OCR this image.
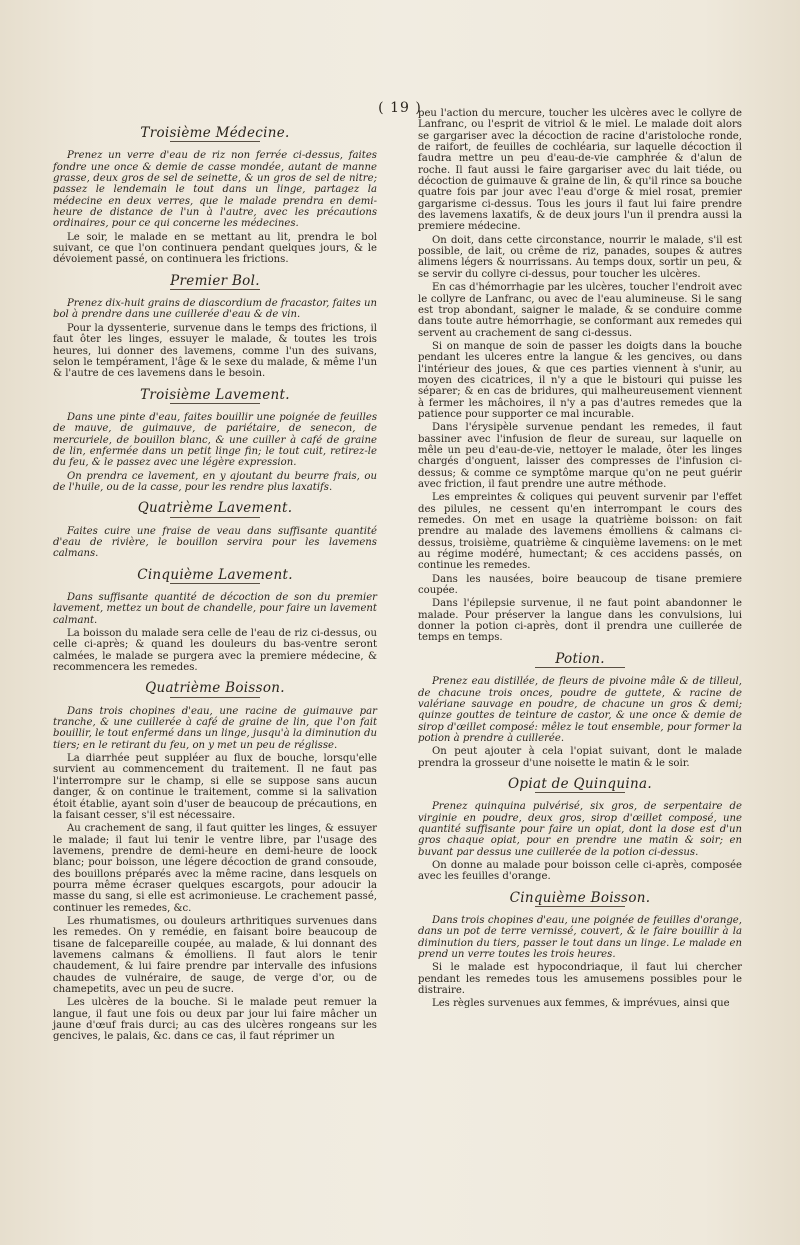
( 19 )
Troisième Médecine.

Prenez un verre d'eau de riz non ferrée ci-dessus, faites fondre une once & demie de casse mondée, autant de manne grasse, deux gros de sel de seinette, & un gros de sel de nitre; passez le lendemain le tout dans un linge, partagez la médecine en deux verres, que le malade prendra en demi-heure de distance de l'un à l'autre, avec les précautions ordinaires, pour ce qui concerne les médecines.

Le soir, le malade en se mettant au lit, prendra le bol suivant, ce que l'on continuera pendant quelques jours, & le dévoiement passé, on continuera les frictions.

Premier Bol.

Prenez dix-huit grains de diascordium de fracastor, faites un bol à prendre dans une cuillerée d'eau & de vin.

Pour la dyssenterie, survenue dans le temps des frictions, il faut ôter les linges, essuyer le malade, & toutes les trois heures, lui donner des lavemens, comme l'un des suivans, selon le tempérament, l'âge & le sexe du malade, & même l'un & l'autre de ces lavemens dans le besoin.

Troisième Lavement.

Dans une pinte d'eau, faites bouillir une poignée de feuilles de mauve, de guimauve, de pariétaire, de senecon, de mercuriele, de bouillon blanc, & une cuiller à café de graine de lin, enfermée dans un petit linge fin; le tout cuit, retirez-le du feu, & le passez avec une légère expression.

On prendra ce lavement, en y ajoutant du beurre frais, ou de l'huile, ou de la casse, pour les rendre plus laxatifs.

Quatrième Lavement.

Faites cuire une fraise de veau dans suffisante quantité d'eau de rivière, le bouillon servira pour les lavemens calmans.

Cinquième Lavement.

Dans suffisante quantité de décoction de son du premier lavement, mettez un bout de chandelle, pour faire un lavement calmant.

La boisson du malade sera celle de l'eau de riz ci-dessus, ou celle ci-après; & quand les douleurs du bas-ventre seront calmées, le malade se purgera avec la premiere médecine, & recommencera les remedes.

Quatrième Boisson.

Dans trois chopines d'eau, une racine de guimauve par tranche, & une cuillerée à café de graine de lin, que l'on fait bouillir, le tout enfermé dans un linge, jusqu'à la diminution du tiers; en le retirant du feu, on y met un peu de réglisse.

La diarrhée peut suppléer au flux de bouche, lorsqu'elle survient au commencement du traitement. Il ne faut pas l'interrompre sur le champ, si elle se suppose sans aucun danger, & on continue le traitement, comme si la salivation étoit établie, ayant soin d'user de beaucoup de précautions, en la faisant cesser, s'il est nécessaire.

Au crachement de sang, il faut quitter les linges, & essuyer le malade; il faut lui tenir le ventre libre, par l'usage des lavemens, prendre de demi-heure en demi-heure de loock blanc; pour boisson, une légere décoction de grand consoude, des bouillons préparés avec la même racine, dans lesquels on pourra même écraser quelques escargots, pour adoucir la masse du sang, si elle est acrimonieuse. Le crachement passé, continuer les remedes, &c.

Les rhumatismes, ou douleurs arthritiques survenues dans les remedes. On y remédie, en faisant boire beaucoup de tisane de falcepareille coupée, au malade, & lui donnant des lavemens calmans & émolliens. Il faut alors le tenir chaudement, & lui faire prendre par intervalle des infusions chaudes de vulnéraire, de sauge, de verge d'or, ou de chamepetits, avec un peu de sucre.

Les ulcères de la bouche. Si le malade peut remuer la langue, il faut une fois ou deux par jour lui faire mâcher un jaune d'œuf frais durci; au cas des ulcères rongeans sur les gencives, le palais, &c. dans ce cas, il faut réprimer un

peu l'action du mercure, toucher les ulcères avec le collyre de Lanfranc, ou l'esprit de vitriol & le miel. Le malade doit alors se gargariser avec la décoction de racine d'aristoloche ronde, de raifort, de feuilles de cochléaria, sur laquelle décoction il faudra mettre un peu d'eau-de-vie camphrée & d'alun de roche. Il faut aussi le faire gargariser avec du lait tiéde, ou décoction de guimauve & graine de lin, & qu'il rince sa bouche quatre fois par jour avec l'eau d'orge & miel rosat, premier gargarisme ci-dessus. Tous les jours il faut lui faire prendre des lavemens laxatifs, & de deux jours l'un il prendra aussi la premiere médecine.

On doit, dans cette circonstance, nourrir le malade, s'il est possible, de lait, ou crême de riz, panades, soupes & autres alimens légers & nourrissans. Au temps doux, sortir un peu, & se servir du collyre ci-dessus, pour toucher les ulcères.

En cas d'hémorrhagie par les ulcères, toucher l'endroit avec le collyre de Lanfranc, ou avec de l'eau alumineuse. Si le sang est trop abondant, saigner le malade, & se conduire comme dans toute autre hémorrhagie, se conformant aux remedes qui servent au crachement de sang ci-dessus.

Si on manque de soin de passer les doigts dans la bouche pendant les ulceres entre la langue & les gencives, ou dans l'intérieur des joues, & que ces parties viennent à s'unir, au moyen des cicatrices, il n'y a que le bistouri qui puisse les séparer; & en cas de bridures, qui malheureusement viennent à fermer les mâchoires, il n'y a pas d'autres remedes que la patience pour supporter ce mal incurable.

Dans l'érysipèle survenue pendant les remedes, il faut bassiner avec l'infusion de fleur de sureau, sur laquelle on mêle un peu d'eau-de-vie, nettoyer le malade, ôter les linges chargés d'onguent, laisser des compresses de l'infusion ci-dessus; & comme ce symptôme marque qu'on ne peut guérir avec friction, il faut prendre une autre méthode.

Les empreintes & coliques qui peuvent survenir par l'effet des pilules, ne cessent qu'en interrompant le cours des remedes. On met en usage la quatrième boisson: on fait prendre au malade des lavemens émolliens & calmans ci-dessus, troisième, quatrième & cinquième lavemens: on le met au régime modéré, humectant; & ces accidens passés, on continue les remedes.

Dans les nausées, boire beaucoup de tisane premiere coupée.

Dans l'épilepsie survenue, il ne faut point abandonner le malade. Pour préserver la langue dans les convulsions, lui donner la potion ci-après, dont il prendra une cuillerée de temps en temps.

Potion.

Prenez eau distillée, de fleurs de pivoine mâle & de tilleul, de chacune trois onces, poudre de guttete, & racine de valériane sauvage en poudre, de chacune un gros & demi; quinze gouttes de teinture de castor, & une once & demie de sirop d'œillet composé: mêlez le tout ensemble, pour former la potion à prendre à cuillerée.

On peut ajouter à cela l'opiat suivant, dont le malade prendra la grosseur d'une noisette le matin & le soir.

Opiat de Quinquina.

Prenez quinquina pulvérisé, six gros, de serpentaire de virginie en poudre, deux gros, sirop d'œillet composé, une quantité suffisante pour faire un opiat, dont la dose est d'un gros chaque opiat, pour en prendre une matin & soir; en buvant par dessus une cuillerée de la potion ci-dessus.

On donne au malade pour boisson celle ci-après, composée avec les feuilles d'orange.

Cinquième Boisson.

Dans trois chopines d'eau, une poignée de feuilles d'orange, dans un pot de terre vernissé, couvert, & le faire bouillir à la diminution du tiers, passer le tout dans un linge. Le malade en prend un verre toutes les trois heures.

Si le malade est hypocondriaque, il faut lui chercher pendant les remedes tous les amusemens possibles pour le distraire.

Les règles survenues aux femmes, & imprévues, ainsi que
